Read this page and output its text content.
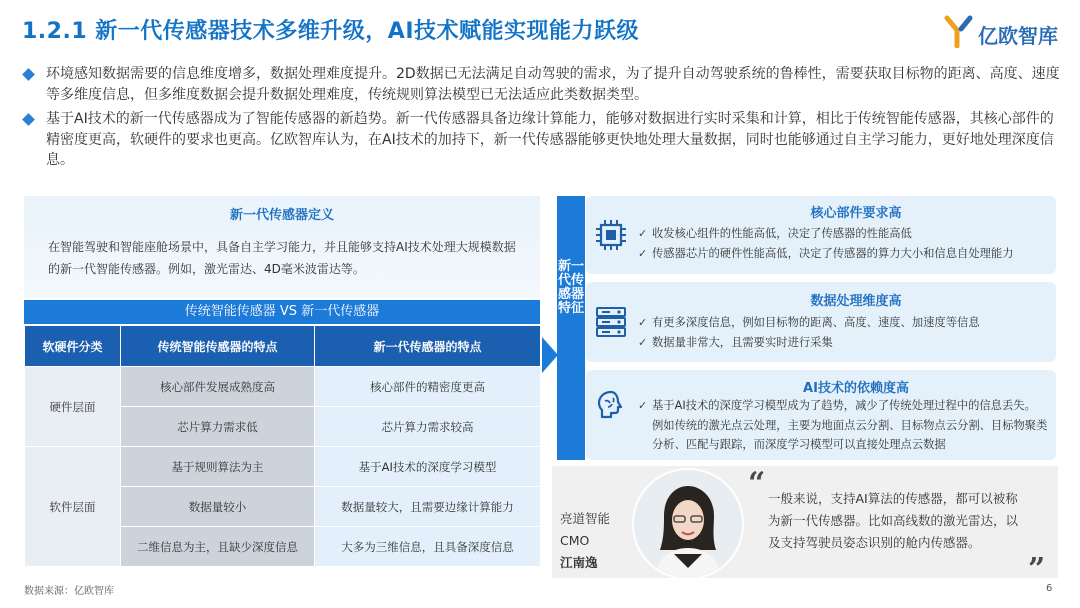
1.2.1 新一代传感器技术多维升级，AI技术赋能实现能力跃级	亿欧智库
环境感知数据需要的信息维度增多，数据处理难度提升。2D数据已无法满足自动驾驶的需求，为了提升自动驾驶系统的鲁棒性，需要获取目标物的距离、高度、速度等多维度信息，但多维度数据会提升数据处理难度，传统规则算法模型已无法适应此类数据类型。
基于AI技术的新一代传感器成为了智能传感器的新趋势。新一代传感器具备边缘计算能力，能够对数据进行实时采集和计算，相比于传统智能传感器，其核心部件的精密度更高，软硬件的要求也更高。亿欧智库认为，在AI技术的加持下，新一代传感器能够更快地处理大量数据，同时也能够通过自主学习能力，更好地处理深度信息。
新一代传感器定义
在智能驾驶和智能座舱场景中，具备自主学习能力，并且能够支持AI技术处理大规模数据的新一代智能传感器。例如，激光雷达、4D毫米波雷达等。
传统智能传感器 VS 新一代传感器
软硬件分类	传统智能传感器的特点	新一代传感器的特点
硬件层面	核心部件发展成熟度高	核心部件的精密度更高
	芯片算力需求低	芯片算力需求较高
软件层面	基于规则算法为主	基于AI技术的深度学习模型
	数据量较小	数据量较大，且需要边缘计算能力
	二维信息为主，且缺少深度信息	大多为三维信息，且具备深度信息
新一代传感器特征
核心部件要求高
✓ 收发核心组件的性能高低，决定了传感器的性能高低
✓ 传感器芯片的硬件性能高低，决定了传感器的算力大小和信息自处理能力
数据处理维度高
✓ 有更多深度信息，例如目标物的距离、高度、速度、加速度等信息
✓ 数据量非常大，且需要实时进行采集
AI技术的依赖度高
✓ 基于AI技术的深度学习模型成为了趋势，减少了传统处理过程中的信息丢失。
例如传统的激光点云处理，主要为地面点云分割、目标物点云分割、目标物聚类分析、匹配与跟踪，而深度学习模型可以直接处理点云数据
亮道智能
CMO
江南逸
“ 一般来说，支持AI算法的传感器，都可以被称为新一代传感器。比如高线数的激光雷达，以及支持驾驶员姿态识别的舱内传感器。
”
数据来源：亿欧智库	6
